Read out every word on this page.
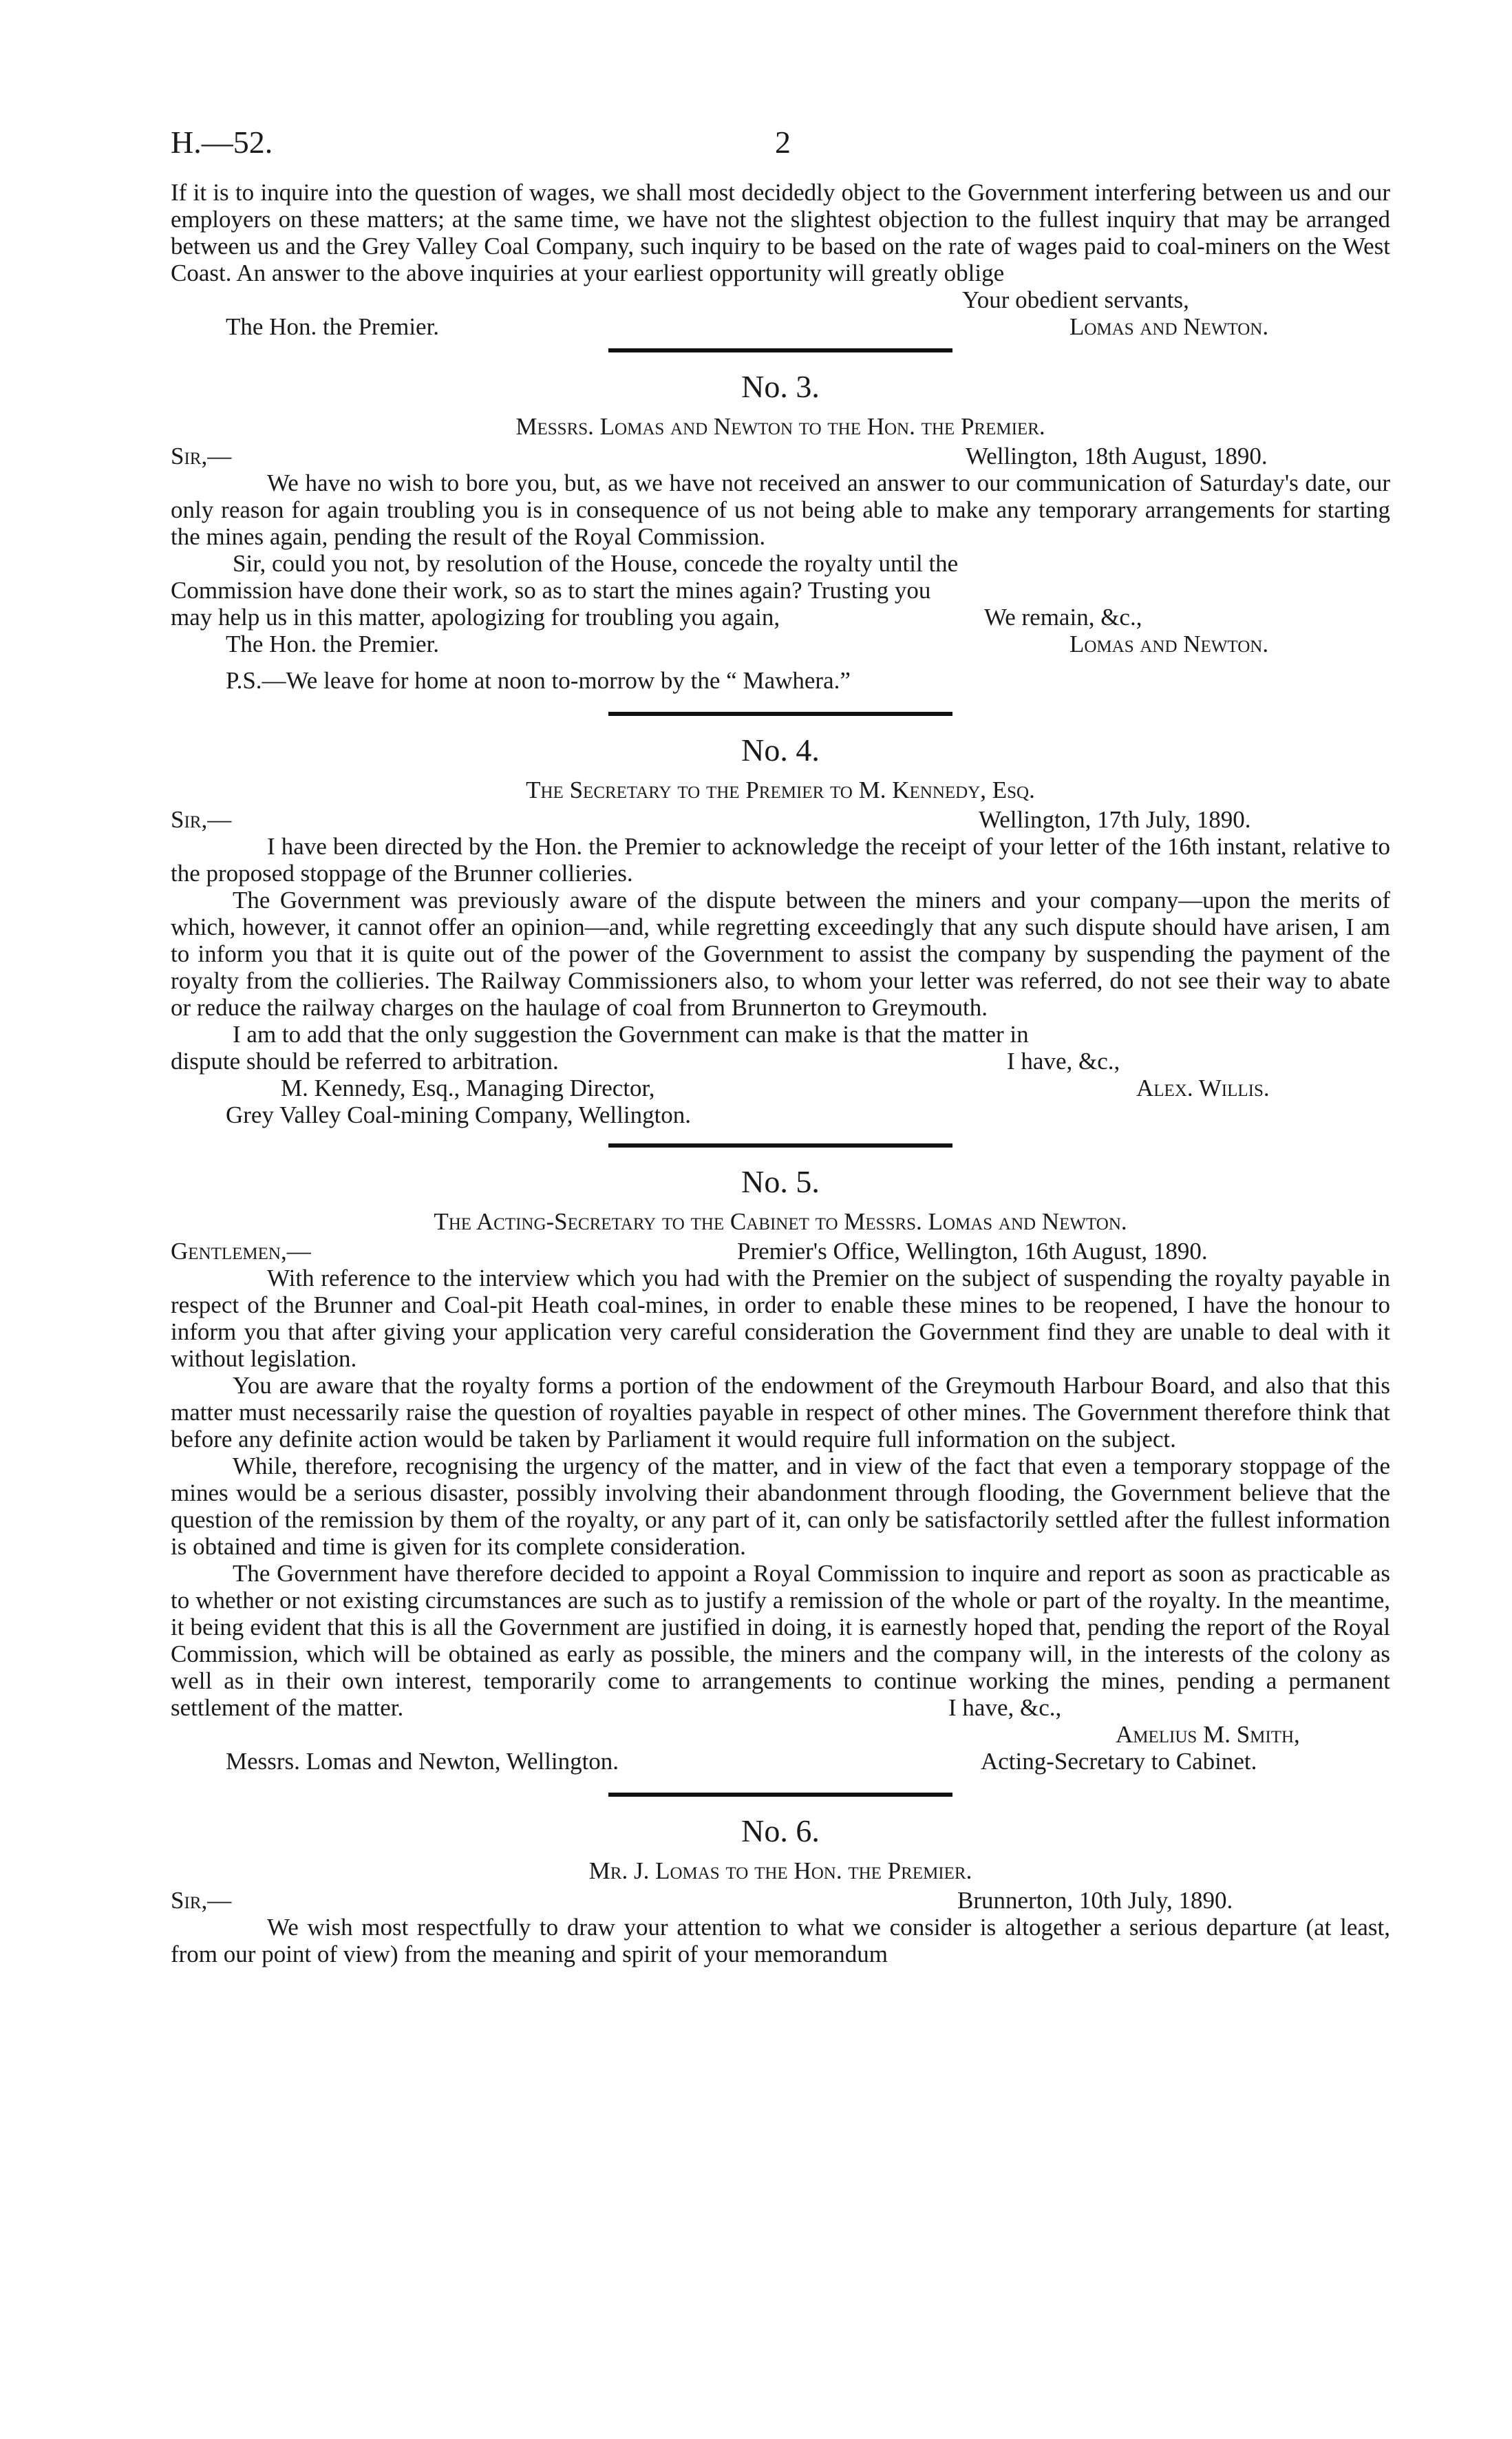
H.—52.	2

If it is to inquire into the question of wages, we shall most decidedly object to the Government interfering between us and our employers on these matters; at the same time, we have not the slightest objection to the fullest inquiry that may be arranged between us and the Grey Valley Coal Company, such inquiry to be based on the rate of wages paid to coal-miners on the West Coast. An answer to the above inquiries at your earliest opportunity will greatly oblige

Your obedient servants,
The Hon. the Premier.	Lomas and Newton.
No. 3.
Messrs. Lomas and Newton to the Hon. the Premier.
Sir,—	Wellington, 18th August, 1890.

We have no wish to bore you, but, as we have not received an answer to our communication of Saturday's date, our only reason for again troubling you is in consequence of us not being able to make any temporary arrangements for starting the mines again, pending the result of the Royal Commission.

Sir, could you not, by resolution of the House, concede the royalty until the Commission have done their work, so as to start the mines again? Trusting you may help us in this matter, apologizing for troubling you again,	We remain, &c.,
The Hon. the Premier.	Lomas and Newton.
P.S.—We leave for home at noon to-morrow by the “ Mawhera.”
No. 4.
The Secretary to the Premier to M. Kennedy, Esq.
Sir,—	Wellington, 17th July, 1890.

I have been directed by the Hon. the Premier to acknowledge the receipt of your letter of the 16th instant, relative to the proposed stoppage of the Brunner collieries.

The Government was previously aware of the dispute between the miners and your company—upon the merits of which, however, it cannot offer an opinion—and, while regretting exceedingly that any such dispute should have arisen, I am to inform you that it is quite out of the power of the Government to assist the company by suspending the payment of the royalty from the collieries. The Railway Commissioners also, to whom your letter was referred, do not see their way to abate or reduce the railway charges on the haulage of coal from Brunnerton to Greymouth.

I am to add that the only suggestion the Government can make is that the matter in dispute should be referred to arbitration.	I have, &c.,
M. Kennedy, Esq., Managing Director,	Alex. Willis.
Grey Valley Coal-mining Company, Wellington.
No. 5.
The Acting-Secretary to the Cabinet to Messrs. Lomas and Newton.
Gentlemen,—	Premier's Office, Wellington, 16th August, 1890.

With reference to the interview which you had with the Premier on the subject of suspending the royalty payable in respect of the Brunner and Coal-pit Heath coal-mines, in order to enable these mines to be reopened, I have the honour to inform you that after giving your application very careful consideration the Government find they are unable to deal with it without legislation.

You are aware that the royalty forms a portion of the endowment of the Greymouth Harbour Board, and also that this matter must necessarily raise the question of royalties payable in respect of other mines. The Government therefore think that before any definite action would be taken by Parliament it would require full information on the subject.

While, therefore, recognising the urgency of the matter, and in view of the fact that even a temporary stoppage of the mines would be a serious disaster, possibly involving their abandonment through flooding, the Government believe that the question of the remission by them of the royalty, or any part of it, can only be satisfactorily settled after the fullest information is obtained and time is given for its complete consideration.

The Government have therefore decided to appoint a Royal Commission to inquire and report as soon as practicable as to whether or not existing circumstances are such as to justify a remission of the whole or part of the royalty. In the meantime, it being evident that this is all the Government are justified in doing, it is earnestly hoped that, pending the report of the Royal Commission, which will be obtained as early as possible, the miners and the company will, in the interests of the colony as well as in their own interest, temporarily come to arrangements to continue working the mines, pending a permanent settlement of the matter.	I have, &c.,
Amelius M. Smith,
Messrs. Lomas and Newton, Wellington.	Acting-Secretary to Cabinet.
No. 6.
Mr. J. Lomas to the Hon. the Premier.
Sir,—	Brunnerton, 10th July, 1890.

We wish most respectfully to draw your attention to what we consider is altogether a serious departure (at least, from our point of view) from the meaning and spirit of your memorandum
